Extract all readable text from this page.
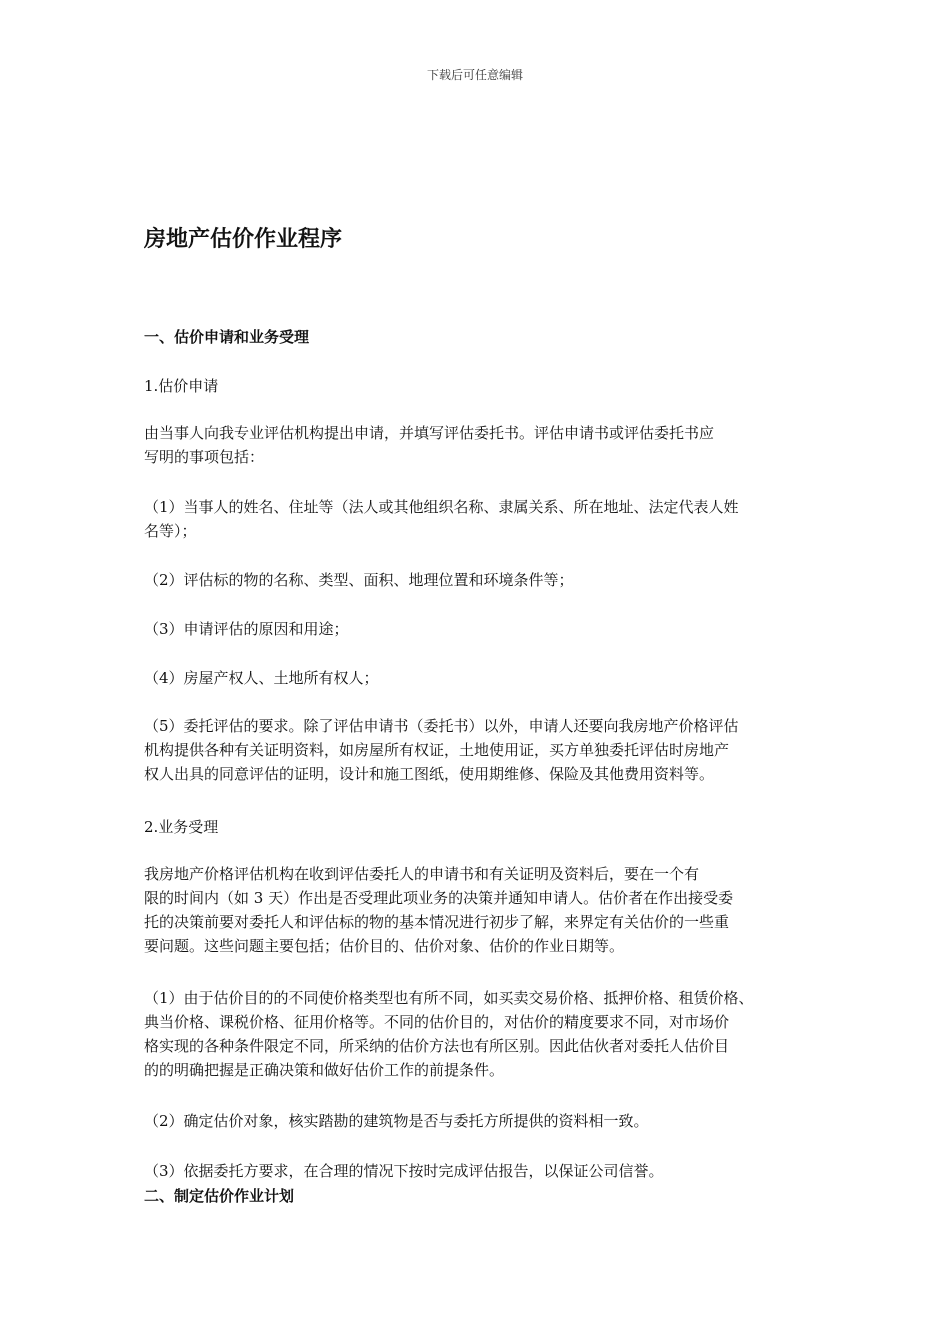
下载后可任意编辑
房地产估价作业程序
一、估价申请和业务受理
1.估价申请

由当事人向我专业评估机构提出申请，并填写评估委托书。评估申请书或评估委托书应
写明的事项包括：

（1）当事人的姓名、住址等（法人或其他组织名称、隶属关系、所在地址、法定代表人姓
名等）；

（2）评估标的物的名称、类型、面积、地理位置和环境条件等；

（3）申请评估的原因和用途；

（4）房屋产权人、土地所有权人；

（5）委托评估的要求。除了评估申请书（委托书）以外，申请人还要向我房地产价格评估
机构提供各种有关证明资料，如房屋所有权证，土地使用证，买方单独委托评估时房地产
权人出具的同意评估的证明，设计和施工图纸，使用期维修、保险及其他费用资料等。

2.业务受理

我房地产价格评估机构在收到评估委托人的申请书和有关证明及资料后，要在一个有
限的时间内（如 3 天）作出是否受理此项业务的决策并通知申请人。估价者在作出接受委
托的决策前要对委托人和评估标的物的基本情况进行初步了解，来界定有关估价的一些重
要问题。这些问题主要包括；估价目的、估价对象、估价的作业日期等。

（1）由于估价目的的不同使价格类型也有所不同，如买卖交易价格、抵押价格、租赁价格、
典当价格、课税价格、征用价格等。不同的估价目的，对估价的精度要求不同，对市场价
格实现的各种条件限定不同，所采纳的估价方法也有所区别。因此估伙者对委托人估价目
的的明确把握是正确决策和做好估价工作的前提条件。

（2）确定估价对象，核实踏勘的建筑物是否与委托方所提供的资料相一致。

（3）依据委托方要求，在合理的情况下按时完成评估报告，以保证公司信誉。

二、制定估价作业计划
